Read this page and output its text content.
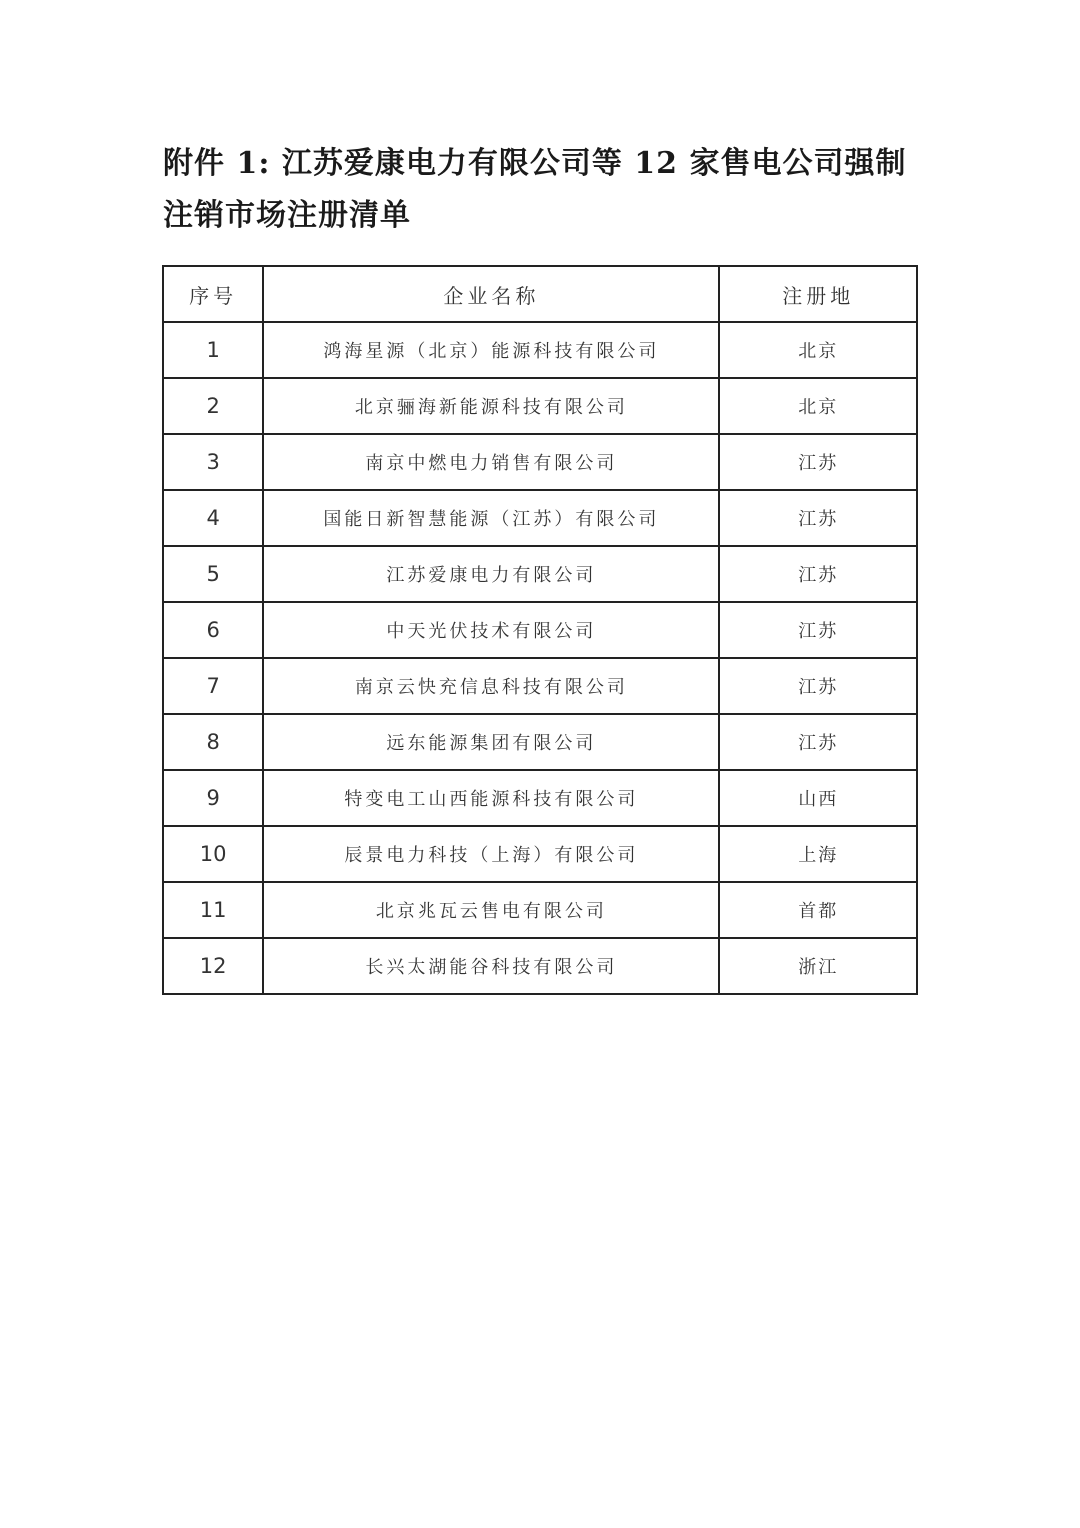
附件 1: 江苏爱康电力有限公司等 12 家售电公司强制注销市场注册清单
序号	企业名称	注册地
1	鸿海星源（北京）能源科技有限公司	北京
2	北京骊海新能源科技有限公司	北京
3	南京中燃电力销售有限公司	江苏
4	国能日新智慧能源（江苏）有限公司	江苏
5	江苏爱康电力有限公司	江苏
6	中天光伏技术有限公司	江苏
7	南京云快充信息科技有限公司	江苏
8	远东能源集团有限公司	江苏
9	特变电工山西能源科技有限公司	山西
10	辰景电力科技（上海）有限公司	上海
11	北京兆瓦云售电有限公司	首都
12	长兴太湖能谷科技有限公司	浙江
